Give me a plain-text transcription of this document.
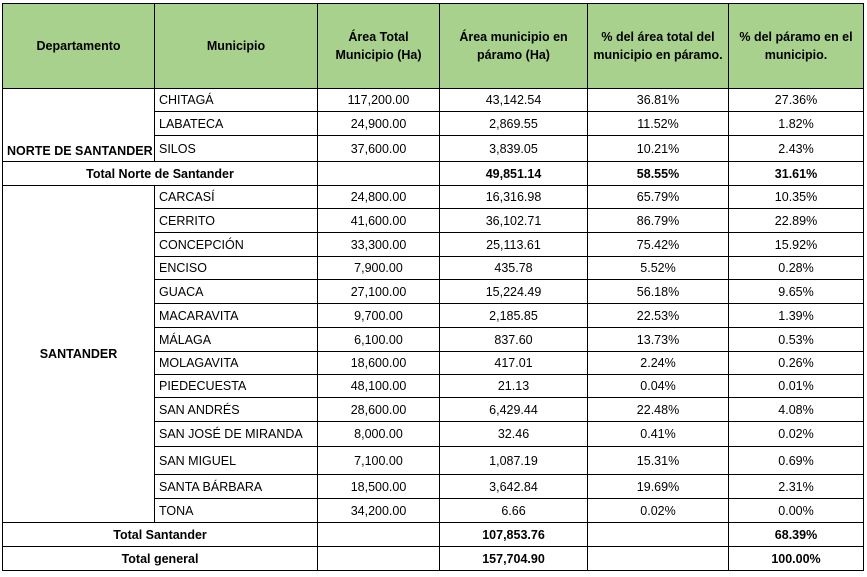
Departamento	Municipio	Área Total Municipio (Ha)	Área municipio en páramo (Ha)	% del área total del municipio en páramo.	% del páramo en el municipio.
NORTE DE SANTANDER	CHITAGÁ	117,200.00	43,142.54	36.81%	27.36%
	LABATECA	24,900.00	2,869.55	11.52%	1.82%
	SILOS	37,600.00	3,839.05	10.21%	2.43%
Total Norte de Santander			49,851.14	58.55%	31.61%
SANTANDER	CARCASÍ	24,800.00	16,316.98	65.79%	10.35%
	CERRITO	41,600.00	36,102.71	86.79%	22.89%
	CONCEPCIÓN	33,300.00	25,113.61	75.42%	15.92%
	ENCISO	7,900.00	435.78	5.52%	0.28%
	GUACA	27,100.00	15,224.49	56.18%	9.65%
	MACARAVITA	9,700.00	2,185.85	22.53%	1.39%
	MÁLAGA	6,100.00	837.60	13.73%	0.53%
	MOLAGAVITA	18,600.00	417.01	2.24%	0.26%
	PIEDECUESTA	48,100.00	21.13	0.04%	0.01%
	SAN ANDRÉS	28,600.00	6,429.44	22.48%	4.08%
	SAN JOSÉ DE MIRANDA	8,000.00	32.46	0.41%	0.02%
	SAN MIGUEL	7,100.00	1,087.19	15.31%	0.69%
	SANTA BÁRBARA	18,500.00	3,642.84	19.69%	2.31%
	TONA	34,200.00	6.66	0.02%	0.00%
Total Santander			107,853.76		68.39%
Total general			157,704.90		100.00%
